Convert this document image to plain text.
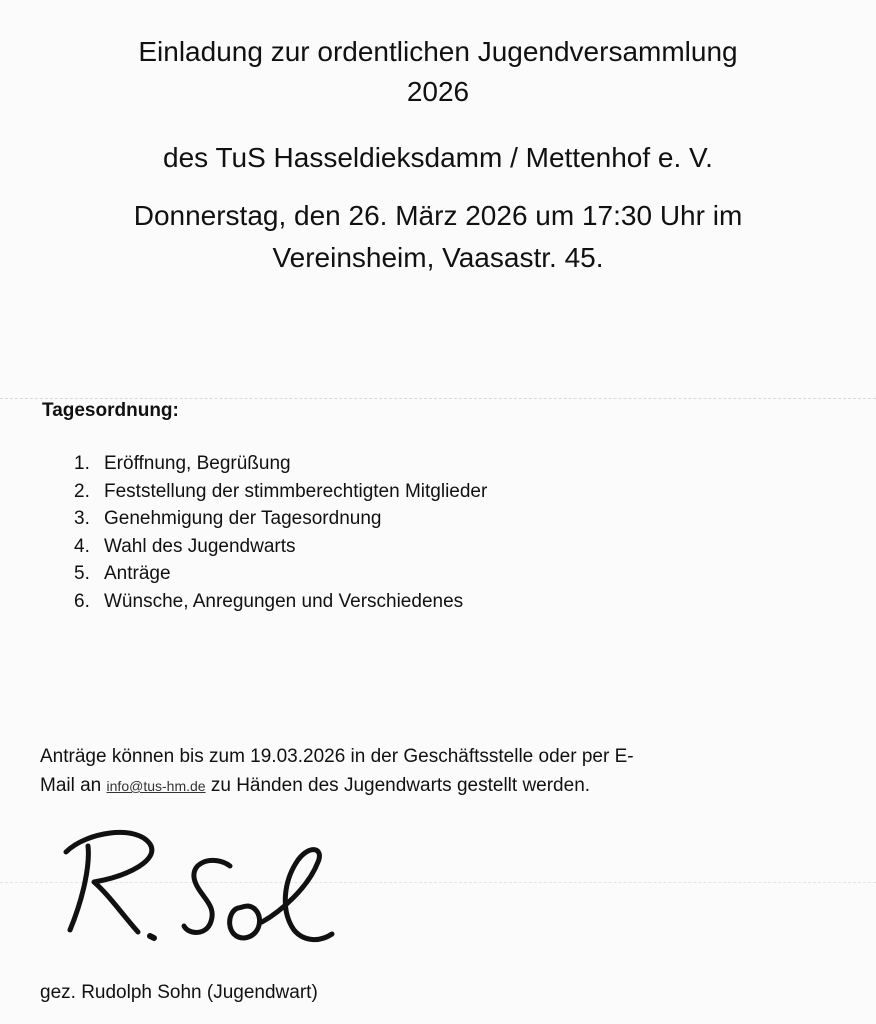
Einladung zur ordentlichen Jugendversammlung
2026
des TuS Hasseldieksdamm / Mettenhof e. V.
Donnerstag, den 26. März 2026 um 17:30 Uhr im
Vereinsheim, Vaasastr. 45.
Tagesordnung:
1. Eröffnung, Begrüßung
2. Feststellung der stimmberechtigten Mitglieder
3. Genehmigung der Tagesordnung
4. Wahl des Jugendwarts
5. Anträge
6. Wünsche, Anregungen und Verschiedenes

Anträge können bis zum 19.03.2026 in der Geschäftsstelle oder per E-
Mail an info@tus-hm.de zu Händen des Jugendwarts gestellt werden.

gez. Rudolph Sohn (Jugendwart)
